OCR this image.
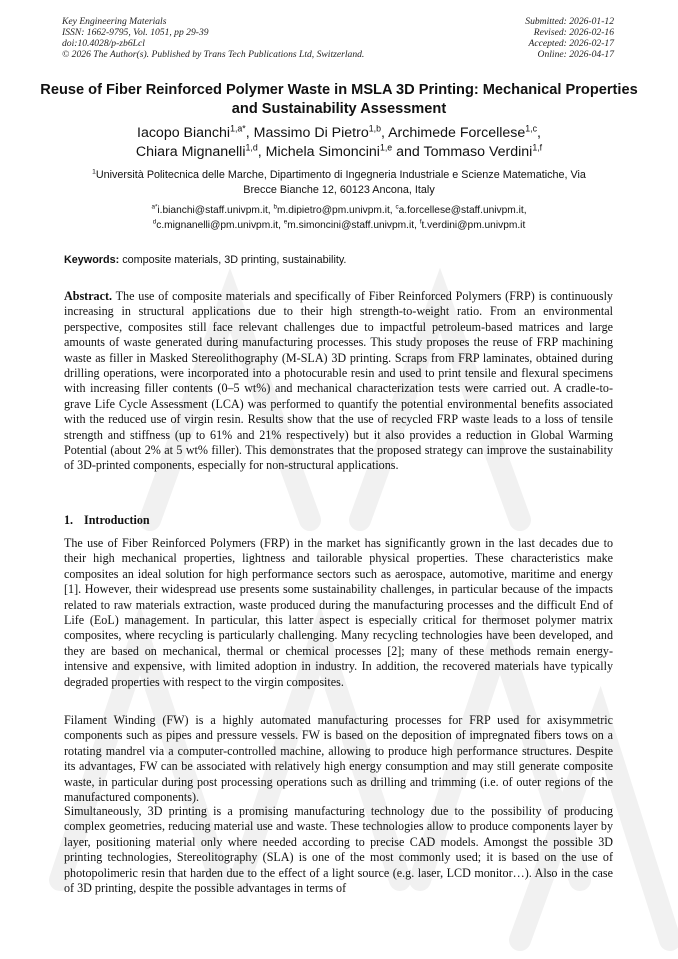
Key Engineering Materials
ISSN: 1662-9795, Vol. 1051, pp 29-39
doi:10.4028/p-zb6Lcl
© 2026 The Author(s). Published by Trans Tech Publications Ltd, Switzerland.
Submitted: 2026-01-12
Revised: 2026-02-16
Accepted: 2026-02-17
Online: 2026-04-17
Reuse of Fiber Reinforced Polymer Waste in MSLA 3D Printing: Mechanical Properties and Sustainability Assessment
Iacopo Bianchi$^{1,a*}$, Massimo Di Pietro$^{1,b}$, Archimede Forcellese$^{1,c}$,
Chiara Mignanelli$^{1,d}$, Michela Simoncini$^{1,e}$ and Tommaso Verdini$^{1,f}$
$^1$Università Politecnica delle Marche, Dipartimento di Ingegneria Industriale e Scienze Matematiche, Via Brecce Bianche 12, 60123 Ancona, Italy
$^{a*}$i.bianchi@staff.univpm.it, $^b$m.dipietro@pm.univpm.it, $^c$a.forcellese@staff.univpm.it,
$^d$c.mignanelli@pm.univpm.it, $^e$m.simoncini@staff.univpm.it, $^f$t.verdini@pm.univpm.it
Keywords: composite materials, 3D printing, sustainability.
Abstract. The use of composite materials and specifically of Fiber Reinforced Polymers (FRP) is continuously increasing in structural applications due to their high strength-to-weight ratio. From an environmental perspective, composites still face relevant challenges due to impactful petroleum-based matrices and large amounts of waste generated during manufacturing processes. This study proposes the reuse of FRP machining waste as filler in Masked Stereolithography (M-SLA) 3D printing. Scraps from FRP laminates, obtained during drilling operations, were incorporated into a photocurable resin and used to print tensile and flexural specimens with increasing filler contents (0–5 wt%) and mechanical characterization tests were carried out. A cradle-to-grave Life Cycle Assessment (LCA) was performed to quantify the potential environmental benefits associated with the reduced use of virgin resin. Results show that the use of recycled FRP waste leads to a loss of tensile strength and stiffness (up to 61% and 21% respectively) but it also provides a reduction in Global Warming Potential (about 2% at 5 wt% filler). This demonstrates that the proposed strategy can improve the sustainability of 3D-printed components, especially for non-structural applications.
1. Introduction
The use of Fiber Reinforced Polymers (FRP) in the market has significantly grown in the last decades due to their high mechanical properties, lightness and tailorable physical properties. These characteristics make composites an ideal solution for high performance sectors such as aerospace, automotive, maritime and energy [1]. However, their widespread use presents some sustainability challenges, in particular because of the impacts related to raw materials extraction, waste produced during the manufacturing processes and the difficult End of Life (EoL) management. In particular, this latter aspect is especially critical for thermoset polymer matrix composites, where recycling is particularly challenging. Many recycling technologies have been developed, and they are based on mechanical, thermal or chemical processes [2]; many of these methods remain energy-intensive and expensive, with limited adoption in industry. In addition, the recovered materials have typically degraded properties with respect to the virgin composites.
Filament Winding (FW) is a highly automated manufacturing processes for FRP used for axisymmetric components such as pipes and pressure vessels. FW is based on the deposition of impregnated fibers tows on a rotating mandrel via a computer-controlled machine, allowing to produce high performance structures. Despite its advantages, FW can be associated with relatively high energy consumption and may still generate composite waste, in particular during post processing operations such as drilling and trimming (i.e. of outer regions of the manufactured components).
Simultaneously, 3D printing is a promising manufacturing technology due to the possibility of producing complex geometries, reducing material use and waste. These technologies allow to produce components layer by layer, positioning material only where needed according to precise CAD models. Amongst the possible 3D printing technologies, Stereolitography (SLA) is one of the most commonly used; it is based on the use of photopolimeric resin that harden due to the effect of a light source (e.g. laser, LCD monitor…). Also in the case of 3D printing, despite the possible advantages in terms of
